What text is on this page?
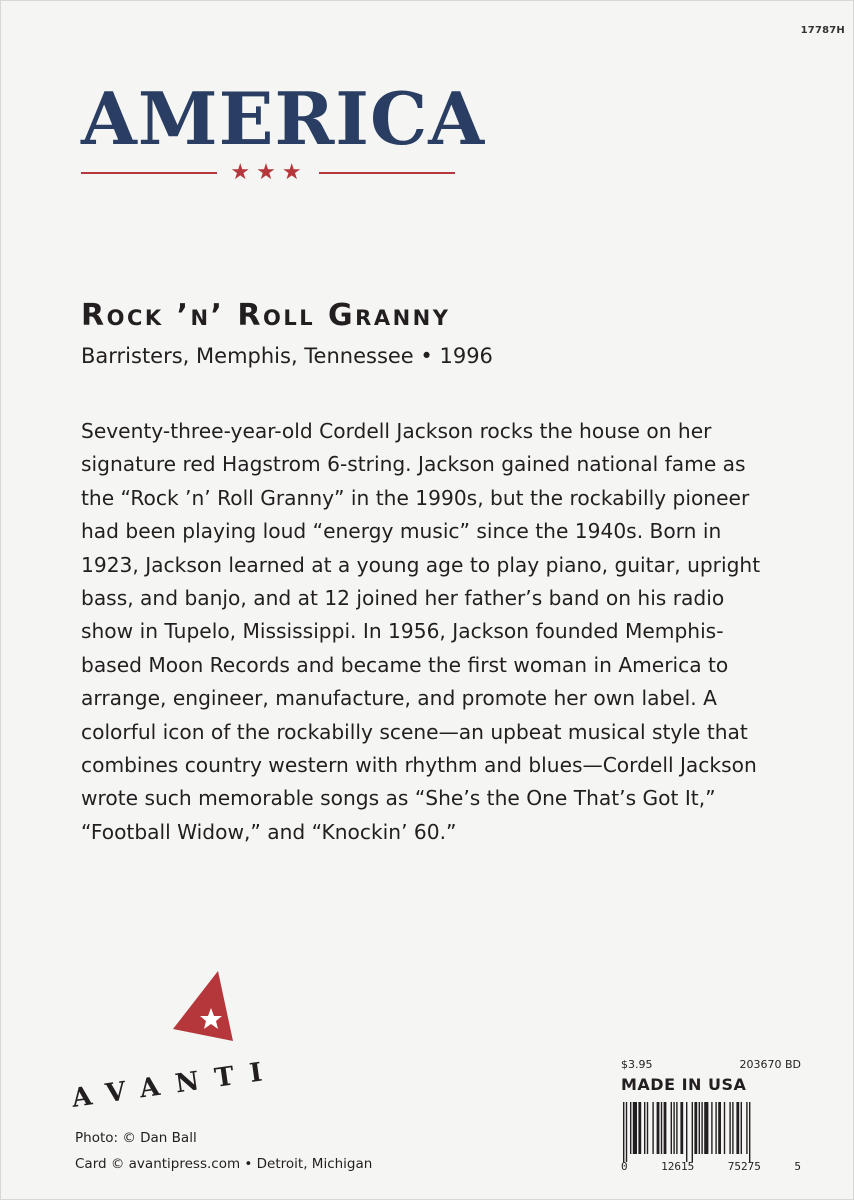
17787H
AMERICA
★★★
Rock ’n’ Roll Granny
Barristers, Memphis, Tennessee • 1996
Seventy-three-year-old Cordell Jackson rocks the house on her
signature red Hagstrom 6-string. Jackson gained national fame as
the “Rock ’n’ Roll Granny” in the 1990s, but the rockabilly pioneer
had been playing loud “energy music” since the 1940s. Born in
1923, Jackson learned at a young age to play piano, guitar, upright
bass, and banjo, and at 12 joined her father’s band on his radio
show in Tupelo, Mississippi. In 1956, Jackson founded Memphis-
based Moon Records and became the first woman in America to
arrange, engineer, manufacture, and promote her own label. A
colorful icon of the rockabilly scene—an upbeat musical style that
combines country western with rhythm and blues—Cordell Jackson
wrote such memorable songs as “She’s the One That’s Got It,”
“Football Widow,” and “Knockin’ 60.”
AVANTI
Photo: © Dan Ball
Card © avantipress.com • Detroit, Michigan
$3.95	203670 BD
MADE IN USA
0	12615	75275	5
